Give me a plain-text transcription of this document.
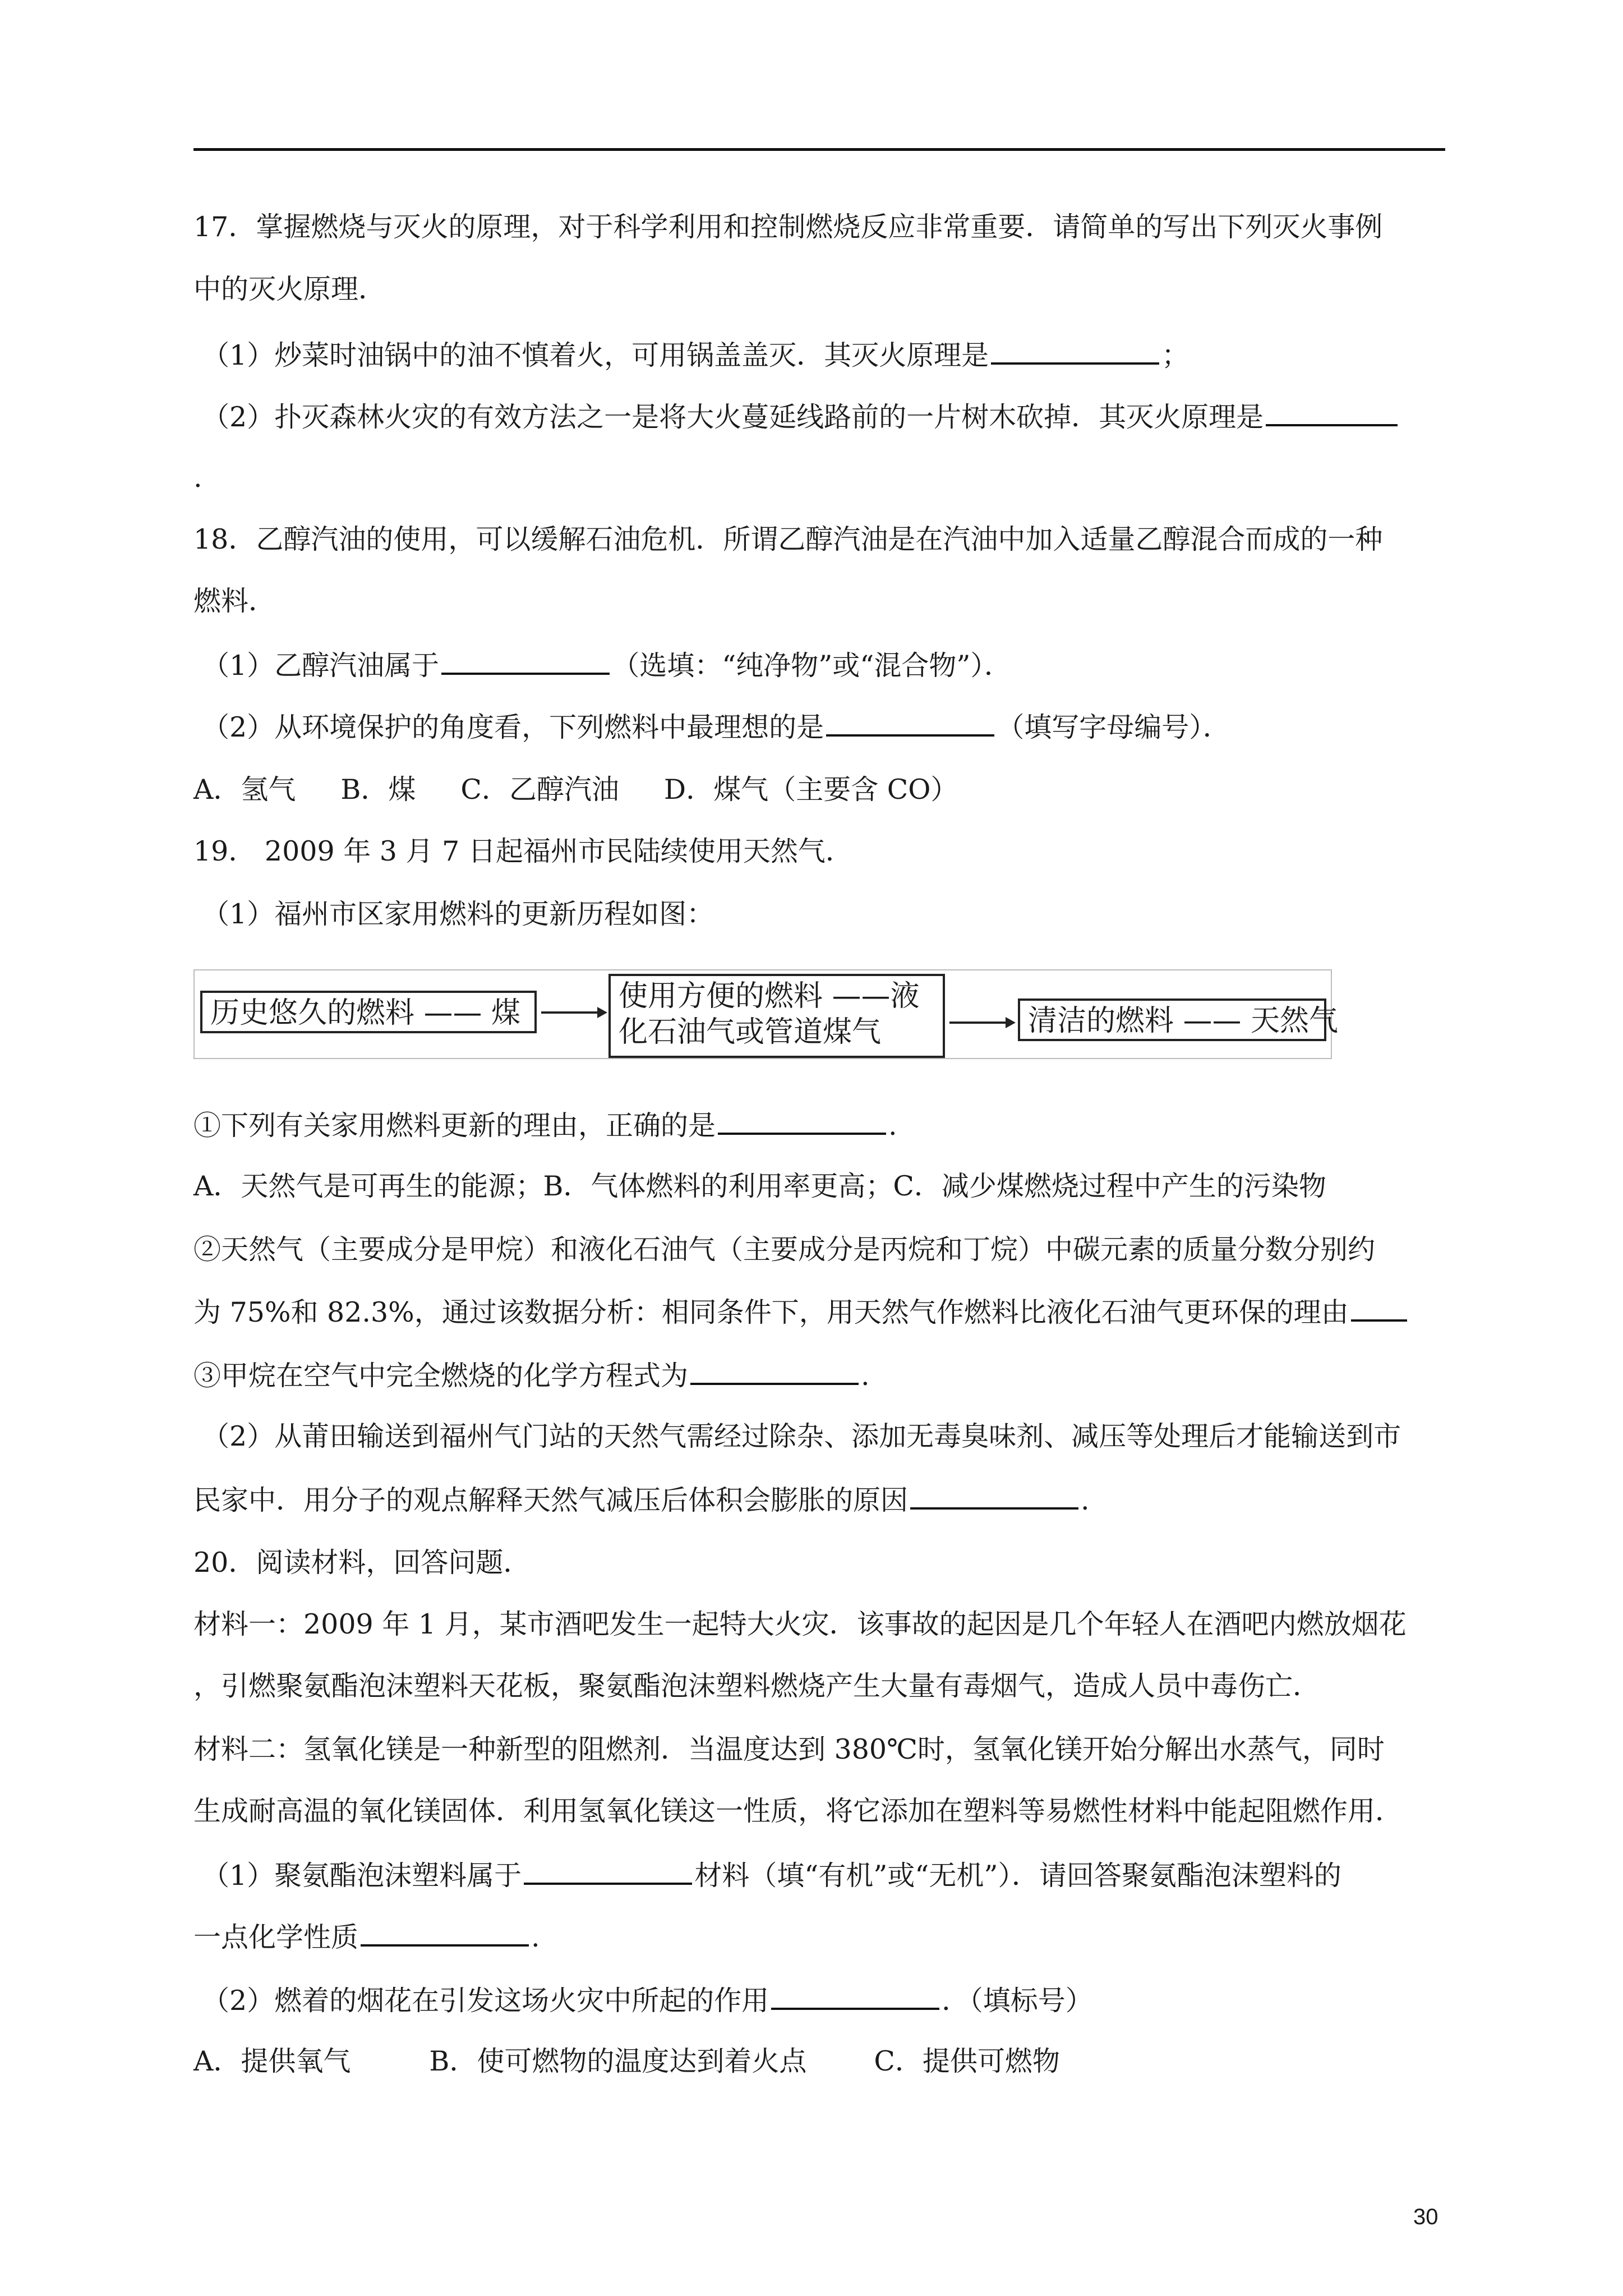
17．掌握燃烧与灭火的原理，对于科学利用和控制燃烧反应非常重要．请简单的写出下列灭火事例
中的灭火原理．
（1）炒菜时油锅中的油不慎着火，可用锅盖盖灭．其灭火原理是	；
（2）扑灭森林火灾的有效方法之一是将大火蔓延线路前的一片树木砍掉．其灭火原理是
.
18．乙醇汽油的使用，可以缓解石油危机．所谓乙醇汽油是在汽油中加入适量乙醇混合而成的一种
燃料．
（1）乙醇汽油属于	（选填：“纯净物”或“混合物”）．
（2）从环境保护的角度看，下列燃料中最理想的是	（填写字母编号）．
A．氢气 B．煤 C．乙醇汽油 D．煤气（主要含 CO）
19． 2009 年 3 月 7 日起福州市民陆续使用天然气．
（1）福州市区家用燃料的更新历程如图：
历史悠久的燃料 —— 煤	使用方便的燃料 ——液
化石油气或管道煤气	清洁的燃料 —— 天然气
①下列有关家用燃料更新的理由，正确的是	.
A．天然气是可再生的能源；B．气体燃料的利用率更高；C．减少煤燃烧过程中产生的污染物
②天然气（主要成分是甲烷）和液化石油气（主要成分是丙烷和丁烷）中碳元素的质量分数分别约
为 75%和 82.3%，通过该数据分析：相同条件下，用天然气作燃料比液化石油气更环保的理由
③甲烷在空气中完全燃烧的化学方程式为	.
（2）从莆田输送到福州气门站的天然气需经过除杂、添加无毒臭味剂、减压等处理后才能输送到市
民家中．用分子的观点解释天然气减压后体积会膨胀的原因	.
20．阅读材料，回答问题．
材料一：2009 年 1 月，某市酒吧发生一起特大火灾．该事故的起因是几个年轻人在酒吧内燃放烟花
，引燃聚氨酯泡沫塑料天花板，聚氨酯泡沫塑料燃烧产生大量有毒烟气，造成人员中毒伤亡．
材料二：氢氧化镁是一种新型的阻燃剂．当温度达到 380℃时，氢氧化镁开始分解出水蒸气，同时
生成耐高温的氧化镁固体．利用氢氧化镁这一性质，将它添加在塑料等易燃性材料中能起阻燃作用．
（1）聚氨酯泡沫塑料属于	材料（填“有机”或“无机”）．请回答聚氨酯泡沫塑料的
一点化学性质	.
（2）燃着的烟花在引发这场火灾中所起的作用	．（填标号）
A．提供氧气	B．使可燃物的温度达到着火点 C．提供可燃物
30
